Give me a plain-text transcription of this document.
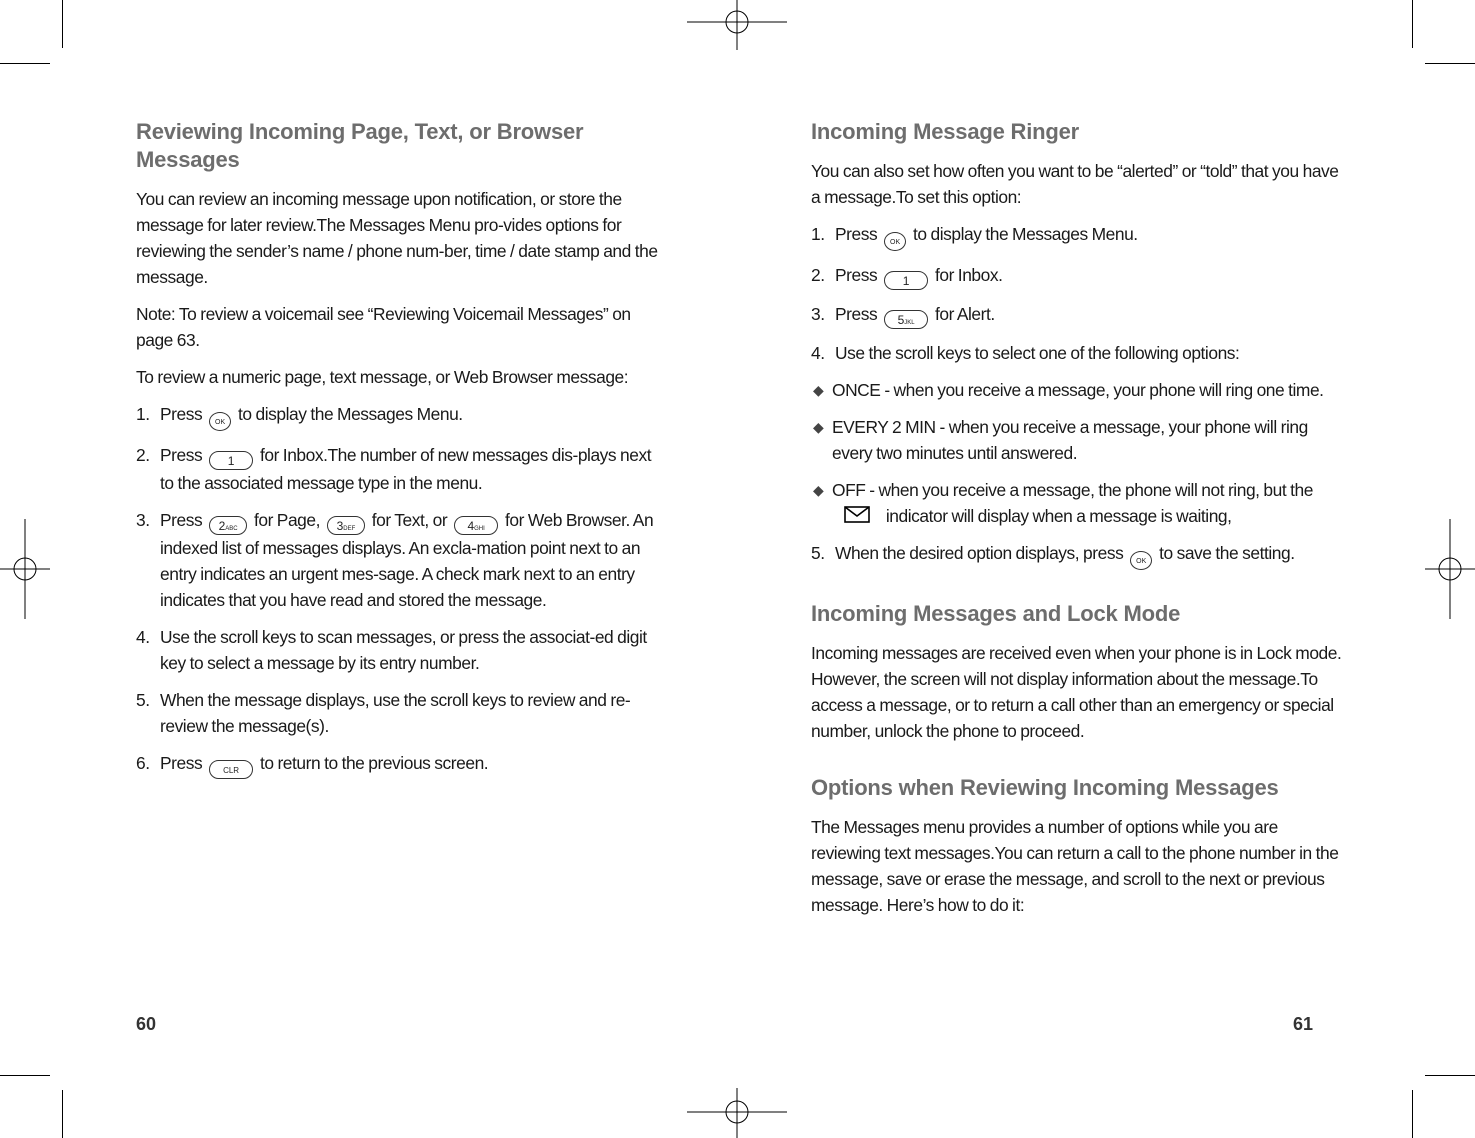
Reviewing Incoming Page, Text, or Browser Messages

You can review an incoming message upon notification, or store the message for later review.The Messages Menu pro-vides options for reviewing the sender’s name / phone num-ber, time / date stamp and the message.

Note: To review a voicemail see “Reviewing Voicemail Messages” on page 63.

To review a numeric page, text message, or Web Browser message:

1. Press OK to display the Messages Menu.

2. Press 1 for Inbox.The number of new messages dis-plays next to the associated message type in the menu.

3. Press 2ABC for Page, 3DEF for Text, or 4GHI for Web Browser. An indexed list of messages displays. An excla-mation point next to an entry indicates an urgent mes-sage. A check mark next to an entry indicates that you have read and stored the message.

4. Use the scroll keys to scan messages, or press the associat-ed digit key to select a message by its entry number.

5. When the message displays, use the scroll keys to review and re-review the message(s).

6. Press	CLR to return to the previous screen.

60
Incoming Message Ringer

You can also set how often you want to be “alerted” or “told” that you have a message.To set this option:

1. Press OK to display the Messages Menu.

2. Press 1 for Inbox.

3. Press 5JKL for Alert.

4. Use the scroll keys to select one of the following options:

◆ ONCE - when you receive a message, your phone will ring one time.

◆ EVERY 2 MIN - when you receive a message, your phone will ring every two minutes until answered.

◆ OFF - when you receive a message, the phone will not ring, but the  indicator will display when a message is waiting,

5. When the desired option displays, press OK to save the setting.

Incoming Messages and Lock Mode

Incoming messages are received even when your phone is in Lock mode. However, the screen will not display information about the message.To access a message, or to return a call other than an emergency or special number, unlock the phone to proceed.

Options when Reviewing Incoming Messages

The Messages menu provides a number of options while you are reviewing text messages.You can return a call to the phone number in the message, save or erase the message, and scroll to the next or previous message. Here’s how to do it:

61
